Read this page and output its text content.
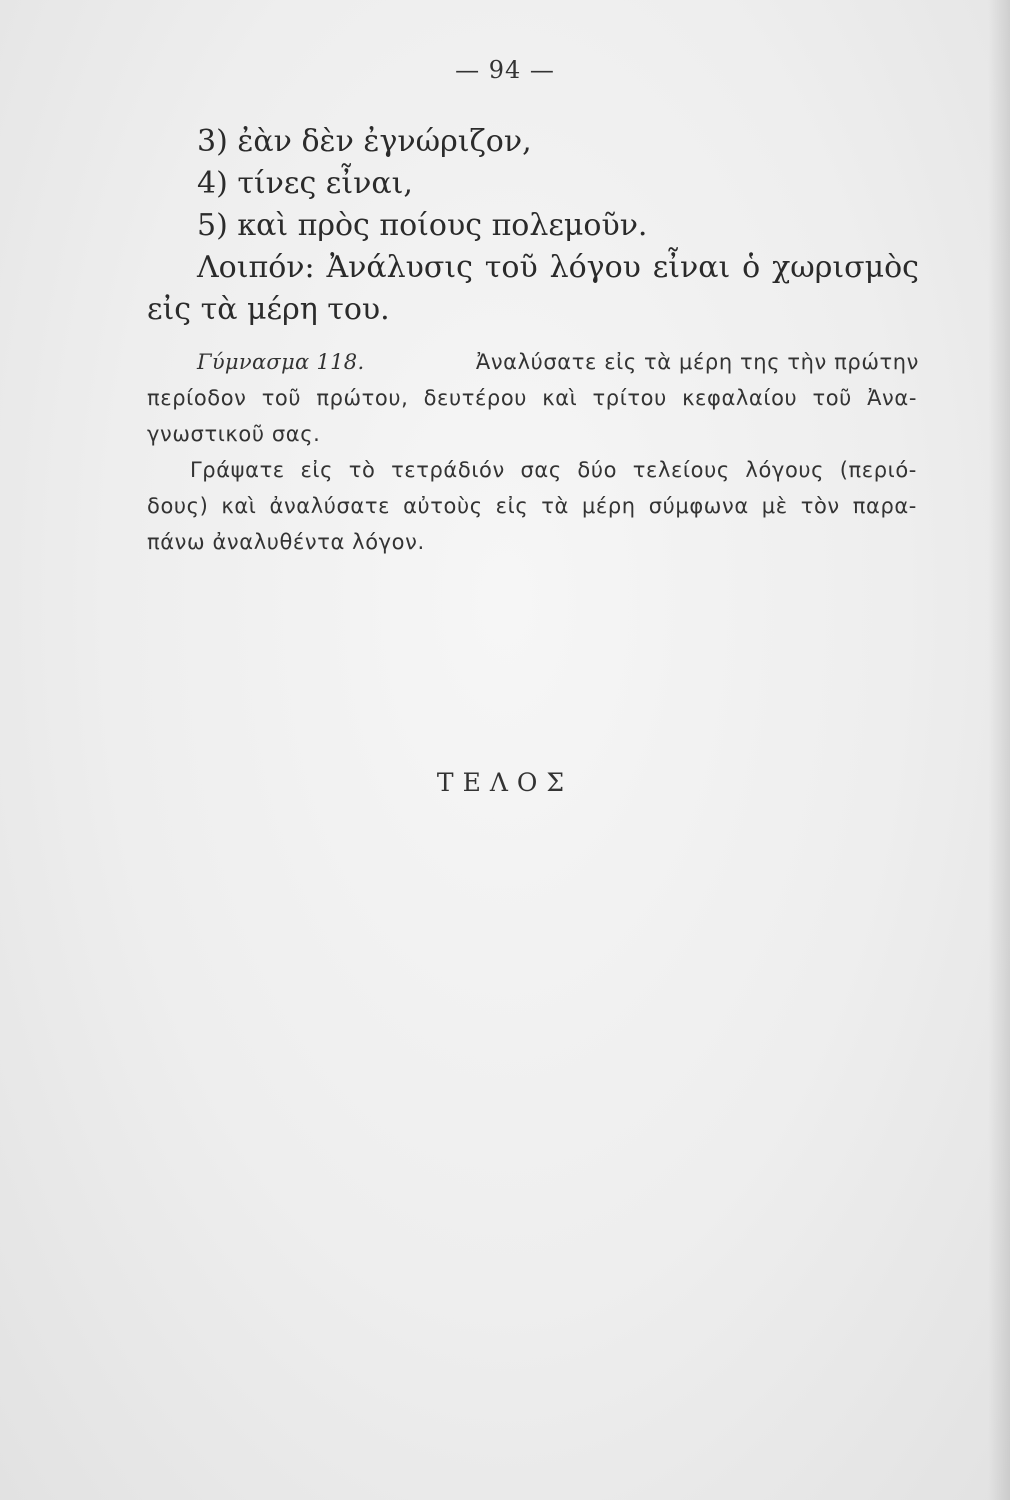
— 94 —
3) ἐὰν δὲν ἐγνώριζον,
4) τίνες εἶναι,
5) καὶ πρὸς ποίους πολεμοῦν.
Λοιπόν: Ἀνάλυσις τοῦ λόγου εἶναι ὁ χωρισμὸς
εἰς τὰ μέρη του.
Γύμνασμα 118.	Ἀναλύσατε εἰς τὰ μέρη της τὴν πρώτην
περίοδον τοῦ πρώτου, δευτέρου καὶ τρίτου κεφαλαίου τοῦ Ἀνα-
γνωστικοῦ σας.
Γράψατε εἰς τὸ τετράδιόν σας δύο τελείους λόγους (περιό-
δους) καὶ ἀναλύσατε αὐτοὺς εἰς τὰ μέρη σύμφωνα μὲ τὸν παρα-
πάνω ἀναλυθέντα λόγον.
ΤΕΛΟΣ
